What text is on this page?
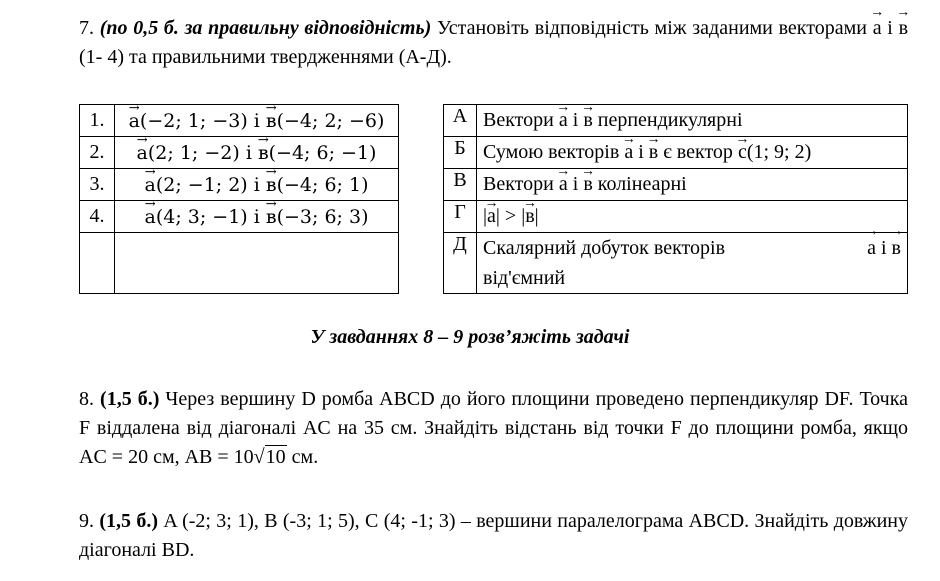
7. (по 0,5 б. за правильну відповідність) Установіть відповідність між заданими векторами → a і → в (1- 4) та правильними твердженнями (А-Д).
1.	→ a(−2; 1; −3) і → в(−4; 2; −6)
2.	→ a(2; 1; −2) і → в(−4; 6; −1)
3.	→ a(2; −1; 2) і → в(−4; 6; 1)
4.	→ a(4; 3; −1) і → в(−3; 6; 3)

А	Вектори → a і → в перпендикулярні
Б	Сумою векторів → a і → в є вектор → c(1; 9; 2)
В	Вектори → a і → в колінеарні
Г	|→ a| > |→ в|
Д	Скалярний добуток векторів → a і → в
від'ємний
У завданнях 8 – 9 розв’яжіть задачі
8. (1,5 б.) Через вершину D ромба ABCD до його площини проведено перпендикуляр DF. Точка F віддалена від діагоналі AC на 35 см. Знайдіть відстань від точки F до площини ромба, якщо AC = 20 см, AB = 10√10 см.
9. (1,5 б.) A (-2; 3; 1), B (-3; 1; 5), C (4; -1; 3) – вершини паралелограма ABCD. Знайдіть довжину діагоналі BD.
